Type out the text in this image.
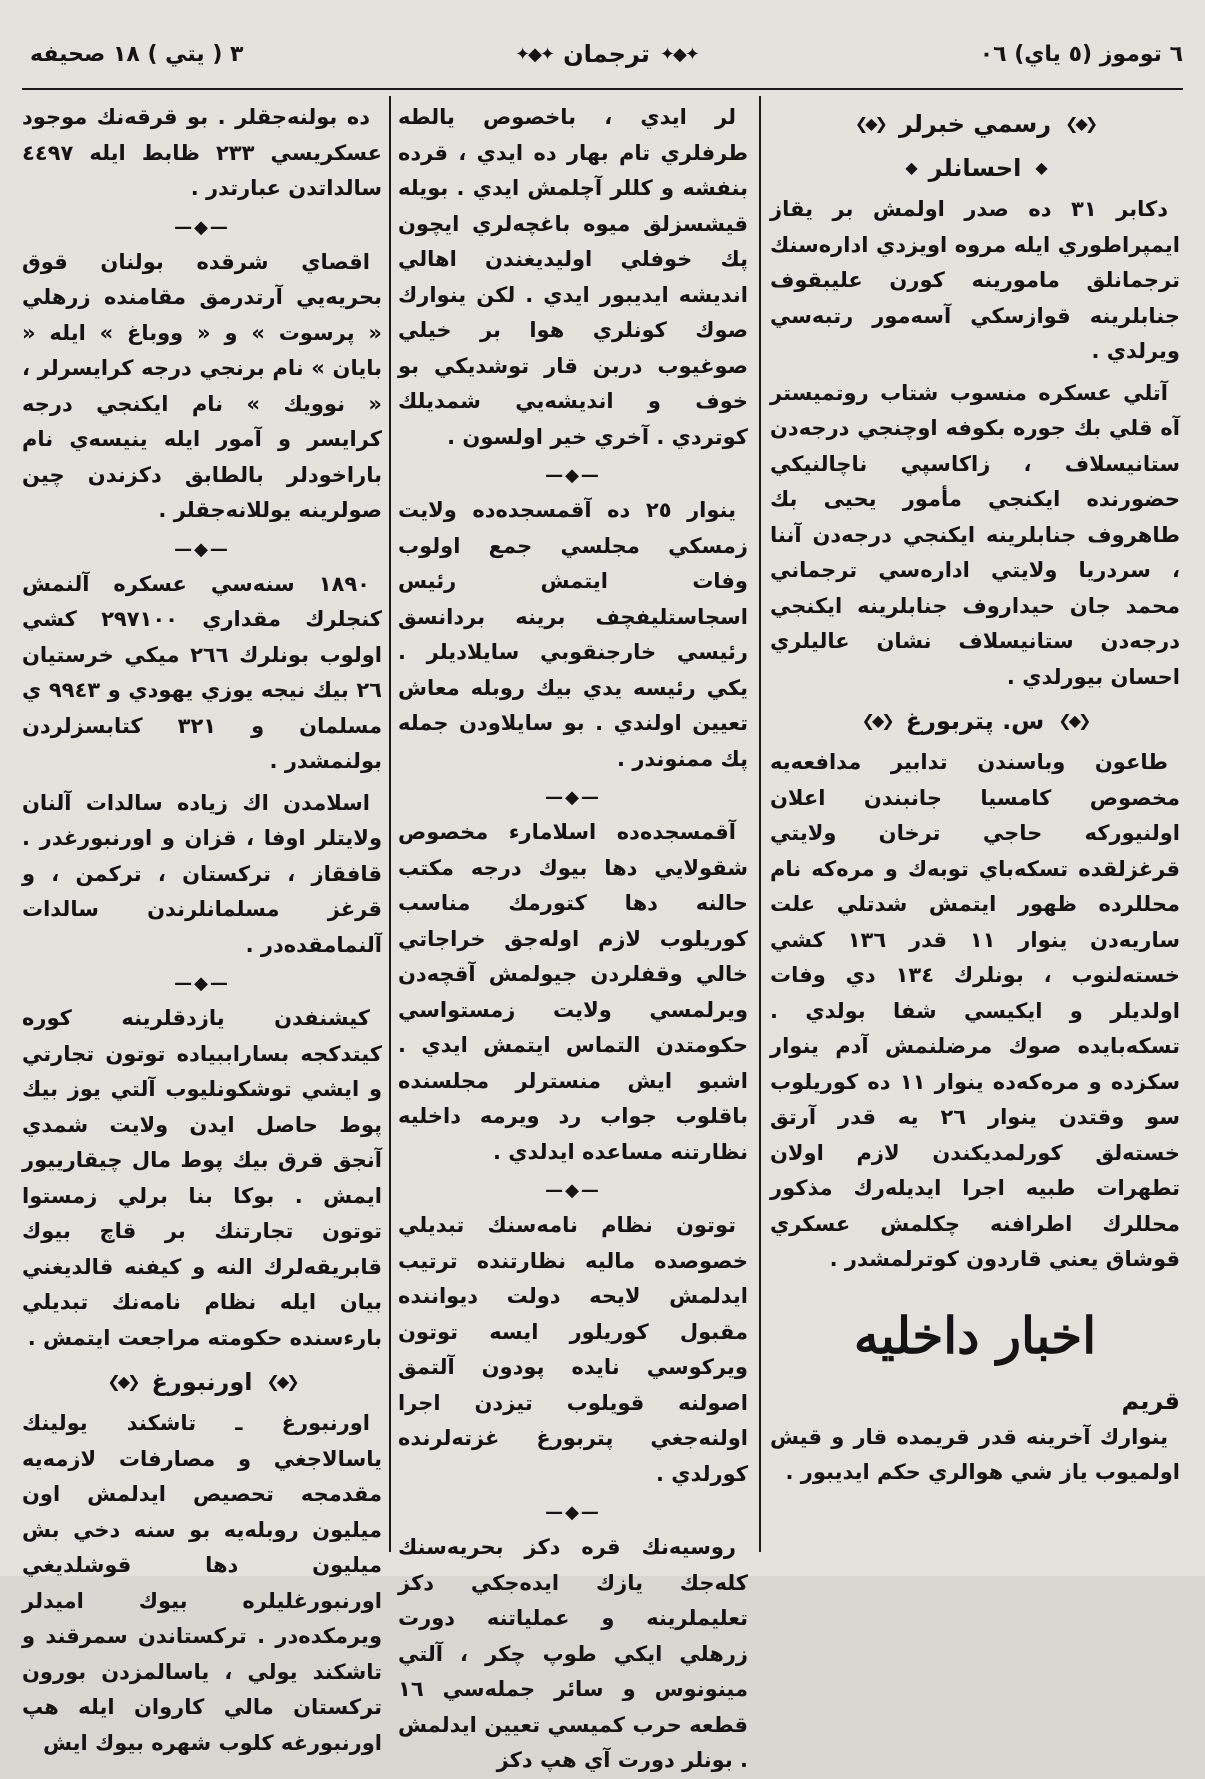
٦ توموز (٥ ياي) ٠٦
✦◆✦
ترجمان
✦◆✦
٣ ( يتي ) ١٨ صحيفه
❮◆❯
رسمي خبرلر
❮◆❯
◆
احسانلر
◆

دكابر ٣١ ده صدر اولمش بر يقاز ايمپراطوري ايله مروه اويزدي اداره‌سنك ترجمانلق مامورينه كورن عليبقوف جنابلرينه قواز‌سكي آسه‌مور رتبه‌سي ويرلدي .

آتلي عسكره منسوب شتاب روتميستر آه قلي بك جوره بكوفه اوچنجي درجه‌دن ستانيسلاف ، زاكاسپي ناچالنيكي حضورنده ايكنجي مأمور يحيى بك طاهروف جنابلرينه ايكنجي درجه‌دن آننا ، سردريا ولايتي اداره‌سي ترجماني محمد جان حيداروف جنابلرينه ايكنجي درجه‌دن ستانيسلاف نشان عاليلري احسان بيورلدي .

❮◆❯
س. پتربورغ
❮◆❯

طاعون وباسندن تدابير مدافعه‌يه مخصوص كامسيا جانبندن اعلان اولنيوركه حاجي ترخان ولايتي قرغزلقده تسكه‌باي توبه‌ك و مره‌كه نام محللرده ظهور ايتمش شدتلي علت ساريه‌دن ينوار ١١ قدر ١٣٦ كشي خسته‌لنوب ، بونلرك ١٣٤ دي وفات اولديلر و ايكيسي شفا بولدي . تسكه‌بايده صوك مرضلنمش آدم ينوار سكزده و مره‌كه‌ده ينوار ١١ ده كوريلوب سو وقتدن ينوار ٢٦ يه قدر آرتق خسته‌لق كورلمديكندن لازم اولان تطهرات طبيه اجرا ايديله‌رك مذكور محللرك اطرافنه چكلمش عسكري قوشاق يعني قاردون كوترلمشدر .

اخبار داخليه
قريم

ينوارك آخرينه قدر قريمده قار و قيش اولميوب ياز شي هوالري حكم ايديبور .

لر ايدي ، باخصوص يالطه طرفلري تام بهار ده ايدي ، قرده بنفشه و كللر آچلمش ايدي . بويله قيشسزلق ميوه باغچه‌لري ايچون پك خوفلي اوليديغندن اهالي انديشه ايديبور ايدي . لكن ينوارك صوك كونلري هوا بر خيلي صوغيوب دربن قار توشديكي بو خوف و انديشه‌يي شمديلك كوتردي . آخري خير اولسون .

—◆—

ينوار ٢٥ ده آقمسجده‌ده ولايت زمسكي مجلسي جمع اولوب وفات ايتمش رئيس اسجاستليفچف برينه بردانسق رئيسي خارجنقوبي سايلاديلر . يكي رئيسه يدي بيك روبله معاش تعيين اولندي . بو سايلاودن جمله پك ممنوندر .

—◆—

آقمسجده‌ده اسلامارء مخصوص شقولايي دها بيوك درجه مكتب حالنه دها كتورمك مناسب كوريلوب لازم اوله‌جق خراجاتي خالي وقفلردن جيولمش آقچه‌دن ويرلمسي ولايت زمستواسي حكومتدن التماس ايتمش ايدي . اشبو ايش منسترلر مجلسنده باقلوب جواب رد ويرمه داخليه نظارتنه مساعده ايدلدي .

—◆—

توتون نظام نامه‌سنك تبديلي خصوصده ماليه نظارتنده ترتيب ايدلمش لايحه دولت ديواننده مقبول كوريلور ايسه توتون ويركوسي نايده پودون آلتمق اصولنه قويلوب تيزدن اجرا اولنه‌جغي پتربورغ غزته‌لرنده كورلدي .

—◆—

روسيه‌نك قره دكز بحريه‌سنك كله‌جك يازك ايده‌جكي دكز تعليملرينه و عملياتنه دورت زرهلي ايكي طوپ چكر ، آلتي مينونوس و سائر جمله‌سي ١٦ قطعه حرب كميسي تعيين ايدلمش . بونلر دورت آي هپ دكز

ده بولنه‌جقلر . بو قرقه‌نك موجود عسكريسي ٢٣٣ ظابط ايله ٤٤٩٧ سالداتدن عبارتدر .

—◆—

اقصاي شرقده بولنان قوق بحريه‌يي آرتدرمق مقامنده زرهلي « پرسوت » و « ووباغ » ايله « بايان » نام برنجي درجه كرايسرلر ، « نوويك » نام ايكنجي درجه كرايسر و آمور ايله ينيسه‌ي نام باراخودلر بالطابق دكزندن چين صولرينه يوللانه‌جقلر .

—◆—

١٨٩٠ سنه‌سي عسكره آلنمش كنجلرك مقداري ٢٩٧١٠٠ كشي اولوب بونلرك ٢٦٦ ميكي خرستيان ٢٦ بيك نيجه يوزي يهودي و ٩٩٤٣ ي مسلمان و ٣٢١ كتابسزلردن بولنمشدر .

اسلامدن اك زياده سالدات آلنان ولايتلر اوفا ، قزان و اورنبورغدر . قافقاز ، تركستان ، تركمن ، و قرغز مسلمانلرندن سالدات آلنمامقده‌در .

—◆—

كيشنفدن يازدقلرينه كوره كيتدكجه بساراببياده توتون تجارتي و ايشي توشكونليوب آلتي يوز بيك پوط حاصل ايدن ولايت شمدي آنجق قرق بيك پوط مال چيقارييور ايمش . بوكا بنا برلي زمستوا توتون تجارتنك بر قاچ بيوك قابريقه‌لرك النه و كيفنه قالديغني بيان ايله نظام نامه‌نك تبديلي بارءسنده حكومته مراجعت ايتمش .

❮◆❯
اورنبورغ
❮◆❯

اورنبورغ ـ تاشكند يولينك ياسالاجغي و مصارفات لازمه‌يه مقدمجه تحصيص ايدلمش اون ميليون روبله‌يه بو سنه دخي بش ميليون دها قوشلديغي اورنبورغليلره بيوك اميدلر ويرمكده‌در . تركستاندن سمرقند و تاشكند يولي ، ياسالمزدن بورون تركستان مالي كاروان ايله هپ اورنبورغه كلوب شهره بيوك ايش
